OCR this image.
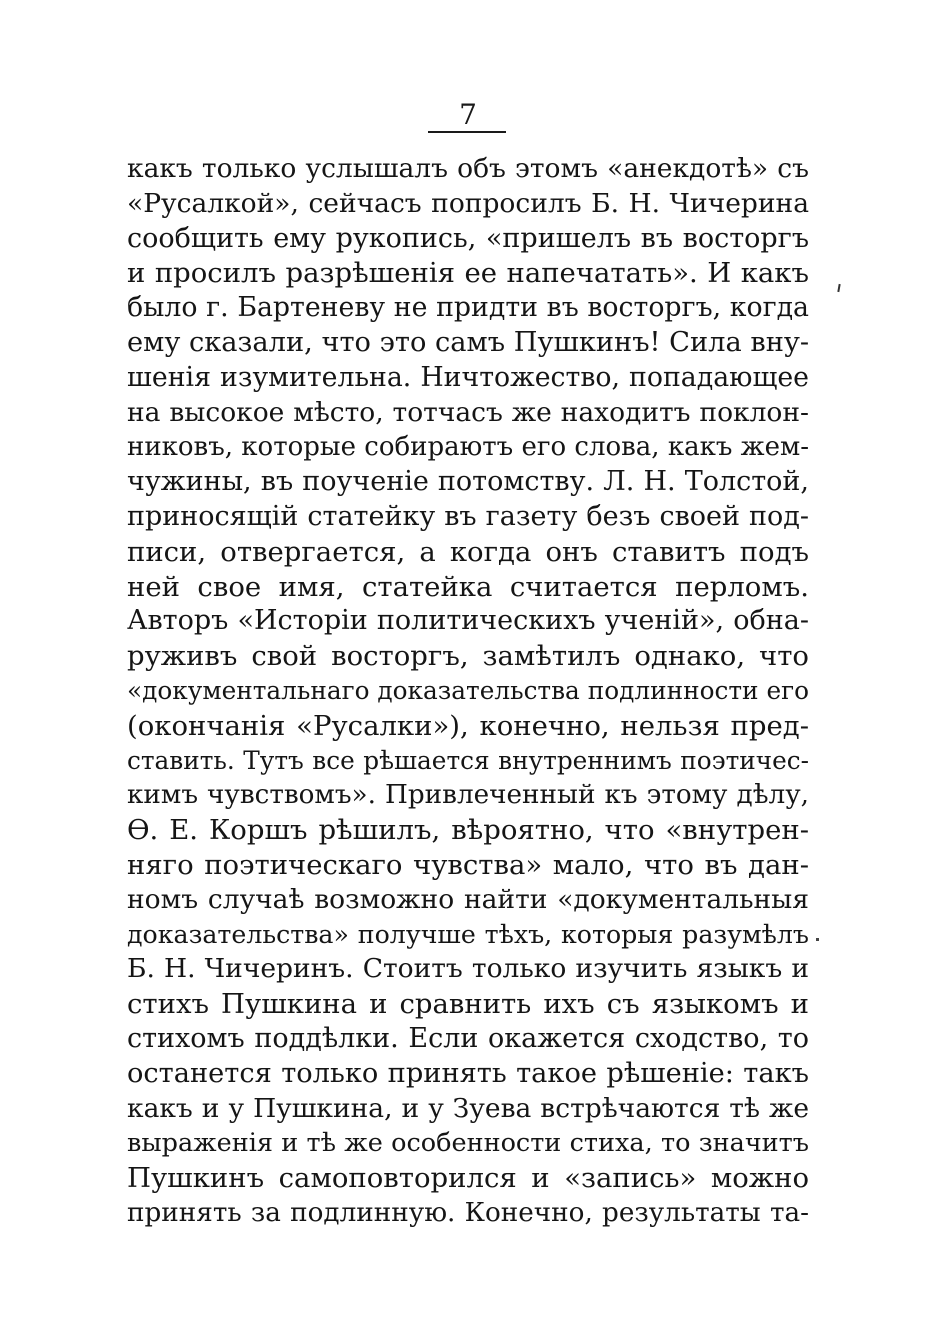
7
какъ только услышалъ объ этомъ «анекдотѣ» съ
«Русалкой», сейчасъ попросилъ Б. Н. Чичерина
сообщить ему рукопись, «пришелъ въ восторгъ
и просилъ разрѣшенія ее напечатать». И какъ
было г. Бартеневу не придти въ восторгъ, когда
ему сказали, что это самъ Пушкинъ! Сила вну-
шенія изумительна. Ничтожество, попадающее
на высокое мѣсто, тотчасъ же находитъ поклон-
никовъ, которые собираютъ его слова, какъ жем-
чужины, въ поученіе потомству. Л. Н. Толстой,
приносящій статейку въ газету безъ своей под-
писи, отвергается, а когда онъ ставитъ подъ
ней свое имя, статейка считается перломъ.
Авторъ «Исторіи политическихъ ученій», обна-
руживъ свой восторгъ, замѣтилъ однако, что
«документальнаго доказательства подлинности его
(окончанія «Русалки»), конечно, нельзя пред-
ставить. Тутъ все рѣшается внутреннимъ поэтичес-
кимъ чувствомъ». Привлеченный къ этому дѣлу,
Ѳ. Е. Коршъ рѣшилъ, вѣроятно, что «внутрен-
няго поэтическаго чувства» мало, что въ дан-
номъ случаѣ возможно найти «документальныя
доказательства» получше тѣхъ, которыя разумѣлъ
Б. Н. Чичеринъ. Стоитъ только изучить языкъ и
стихъ Пушкина и сравнить ихъ съ языкомъ и
стихомъ поддѣлки. Если окажется сходство, то
останется только принять такое рѣшеніе: такъ
какъ и у Пушкина, и у Зуева встрѣчаются тѣ же
выраженія и тѣ же особенности стиха, то значитъ
Пушкинъ самоповторился и «запись» можно
принять за подлинную. Конечно, результаты та-
